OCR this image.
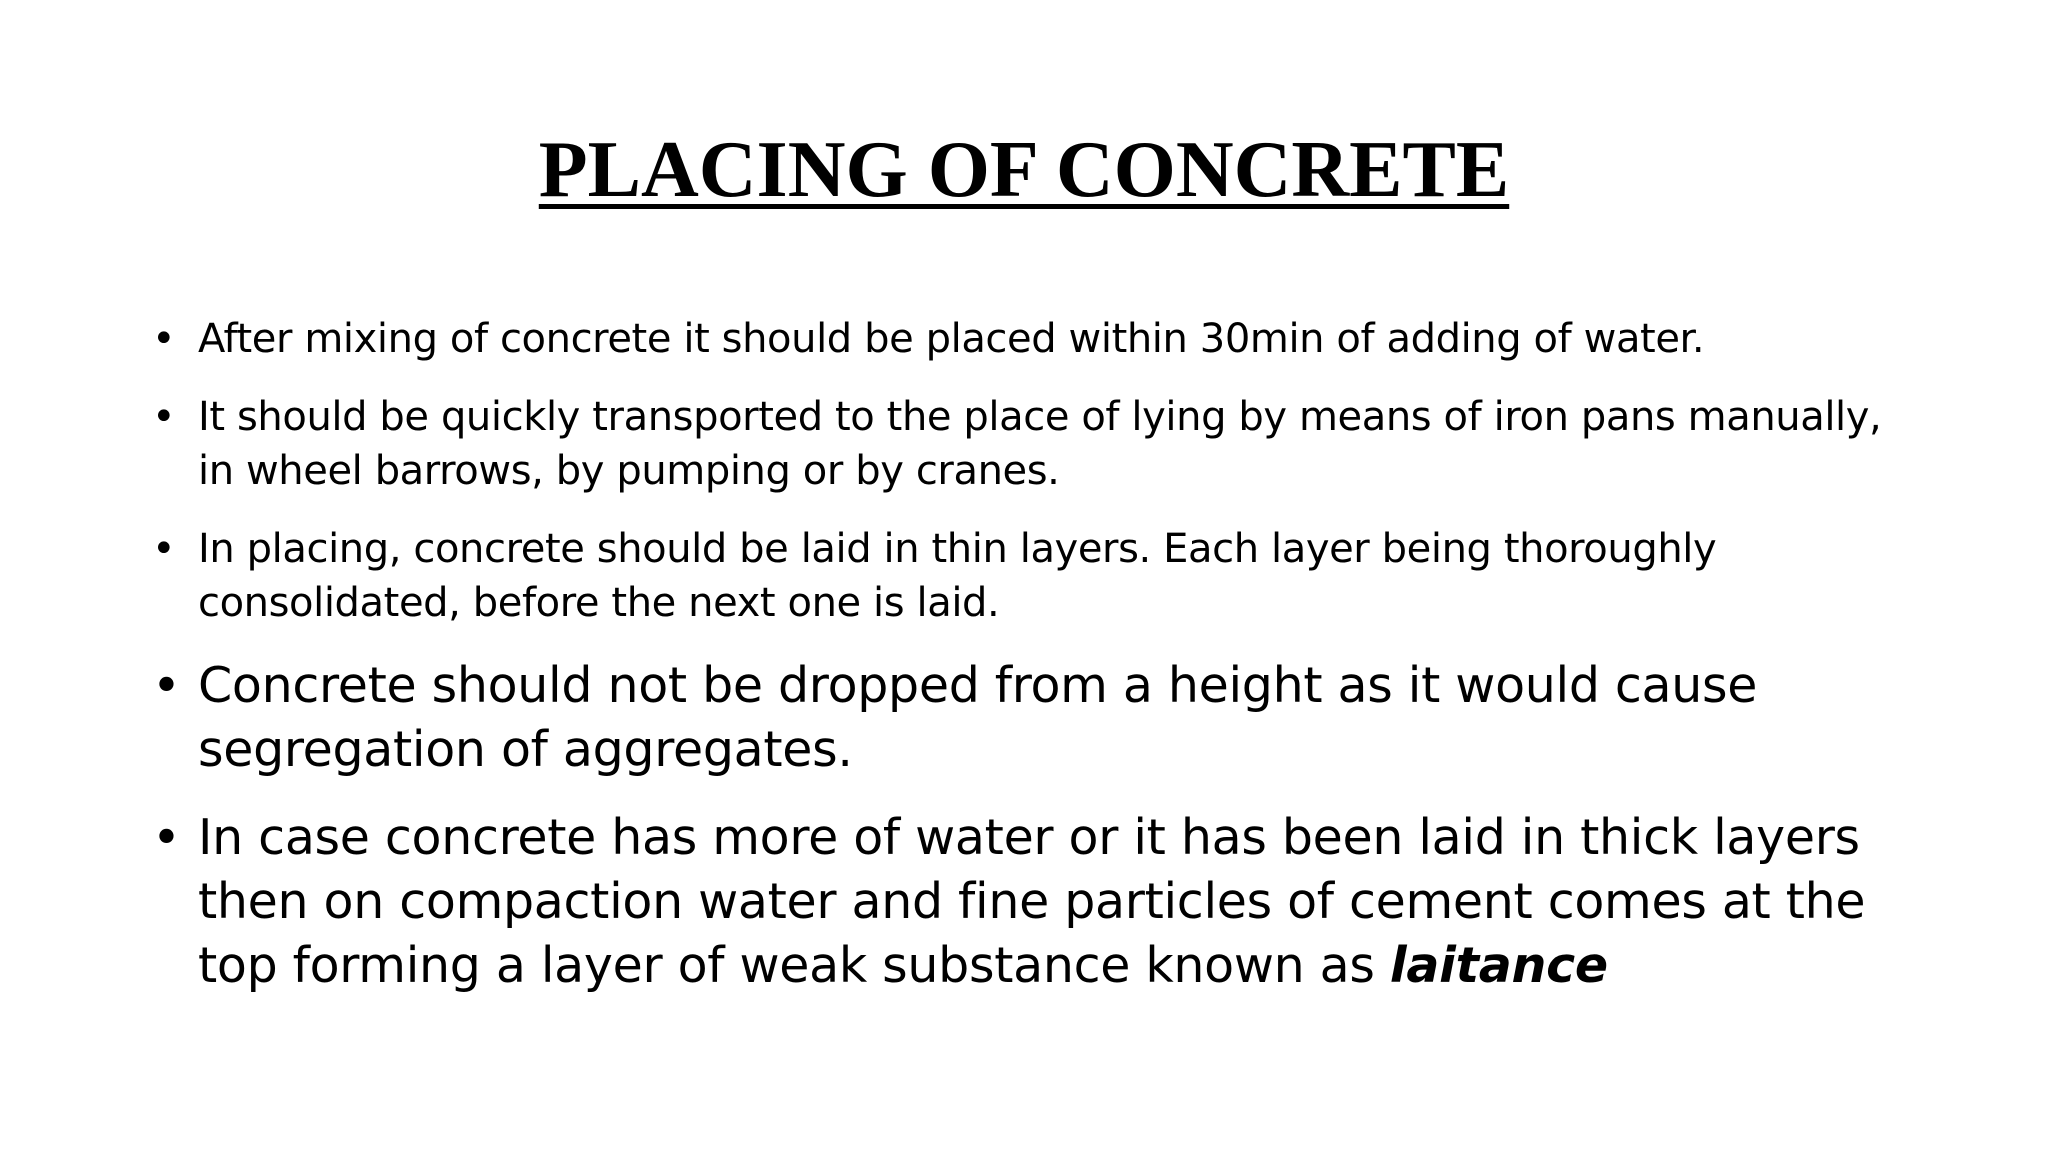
PLACING OF CONCRETE
• After mixing of concrete it should be placed within 30min of adding of water.
• It should be quickly transported to the place of lying by means of iron pans manually, in wheel barrows, by pumping or by cranes.
• In placing, concrete should be laid in thin layers. Each layer being thoroughly consolidated, before the next one is laid.
• Concrete should not be dropped from a height as it would cause segregation of aggregates.
• In case concrete has more of water or it has been laid in thick layers then on compaction water and fine particles of cement comes at the top forming a layer of weak substance known as laitance
